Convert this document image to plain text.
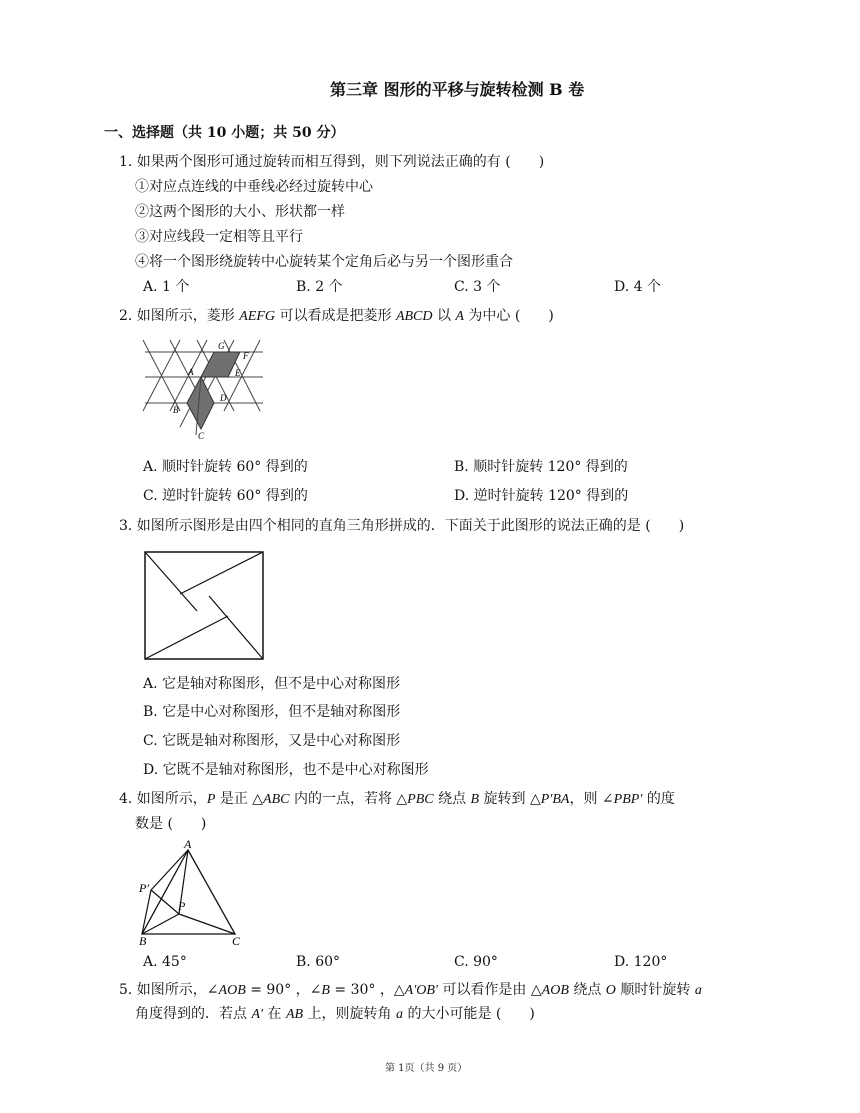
第三章 图形的平移与旋转检测 B 卷
一、选择题（共 10 小题；共 50 分）
1. 如果两个图形可通过旋转而相互得到，则下列说法正确的有 (　　)
①对应点连线的中垂线必经过旋转中心
②这两个图形的大小、形状都一样
③对应线段一定相等且平行
④将一个图形绕旋转中心旋转某个定角后必与另一个图形重合
A. 1 个	B. 2 个	C. 3 个	D. 4 个
2. 如图所示，菱形 AEFG 可以看成是把菱形 ABCD 以 A 为中心 (　　)
G
F
A	E
B
D
C
A. 顺时针旋转 60° 得到的	B. 顺时针旋转 120° 得到的
C. 逆时针旋转 60° 得到的	D. 逆时针旋转 120° 得到的
3. 如图所示图形是由四个相同的直角三角形拼成的．下面关于此图形的说法正确的是 (　　)
A. 它是轴对称图形，但不是中心对称图形
B. 它是中心对称图形，但不是轴对称图形
C. 它既是轴对称图形，又是中心对称图形
D. 它既不是轴对称图形，也不是中心对称图形
4. 如图所示，P 是正 △ABC 内的一点，若将 △PBC 绕点 B 旋转到 △P′BA，则 ∠PBP′ 的度
数是 (　　)
A
P′
P
B	C
A. 45°	B. 60°	C. 90°	D. 120°
5. 如图所示，∠AOB = 90° ，∠B = 30° ，△A′OB′ 可以看作是由 △AOB 绕点 O 顺时针旋转 a
角度得到的．若点 A′ 在 AB 上，则旋转角 a 的大小可能是 (　　)
第 1页（共 9 页）
